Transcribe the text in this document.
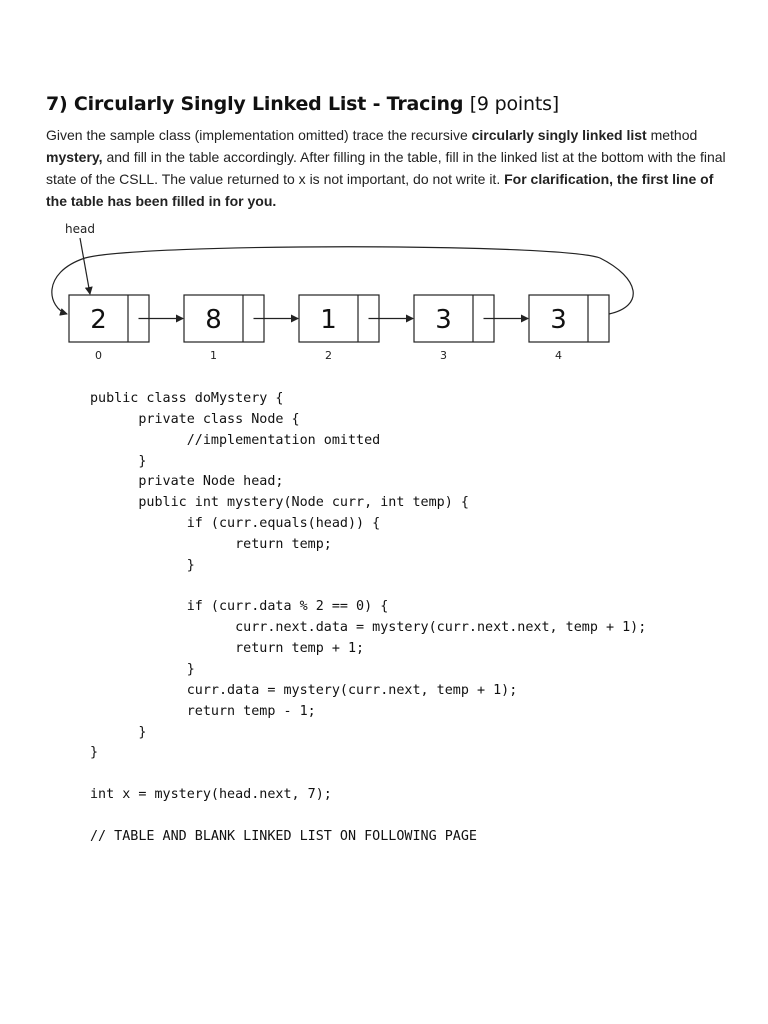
7) Circularly Singly Linked List - Tracing [9 points]
Given the sample class (implementation omitted) trace the recursive circularly singly linked list method mystery, and fill in the table accordingly. After filling in the table, fill in the linked list at the bottom with the final state of the CSLL. The value returned to x is not important, do not write it. For clarification, the first line of the table has been filled in for you.
head
2
0
8
1
1
2
3
3
3
4
public class doMystery {
private class Node {
//implementation omitted
}
private Node head;
public int mystery(Node curr, int temp) {
if (curr.equals(head)) {
return temp;
}
if (curr.data % 2 == 0) {
curr.next.data = mystery(curr.next.next, temp + 1);
return temp + 1;
}
curr.data = mystery(curr.next, temp + 1);
return temp - 1;
}
}
int x = mystery(head.next, 7);
// TABLE AND BLANK LINKED LIST ON FOLLOWING PAGE
